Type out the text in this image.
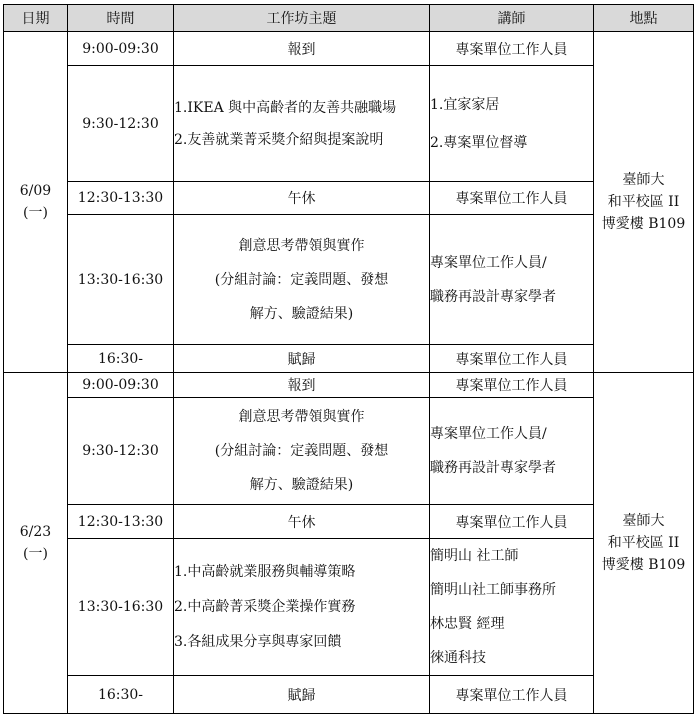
日期	時間	工作坊主題	講師	地點

6/09
(一)	9:00-09:30	報到	專案單位工作人員	臺師大
和平校區 II
博愛樓 B109

	9:30-12:30	1.IKEA 與中高齡者的友善共融職場
2.友善就業菁采獎介紹與提案說明	1.宜家家居
2.專案單位督導	

	12:30-13:30	午休	專案單位工作人員	
	13:30-16:30	創意思考帶領與實作
(分組討論：定義問題、發想
解方、驗證結果)	專案單位工作人員/
職務再設計專家學者	

	16:30-	賦歸	專案單位工作人員	

6/23
(一)	9:00-09:30	報到	專案單位工作人員	臺師大
和平校區 II
博愛樓 B109

	9:30-12:30	創意思考帶領與實作
(分組討論：定義問題、發想
解方、驗證結果)	專案單位工作人員/
職務再設計專家學者	

	12:30-13:30	午休	專案單位工作人員	
	13:30-16:30	1.中高齡就業服務與輔導策略
2.中高齡菁采獎企業操作實務
3.各組成果分享與專家回饋	簡明山 社工師
簡明山社工師事務所
林忠賢 經理
徠通科技	

	16:30-	賦歸	專案單位工作人員	
